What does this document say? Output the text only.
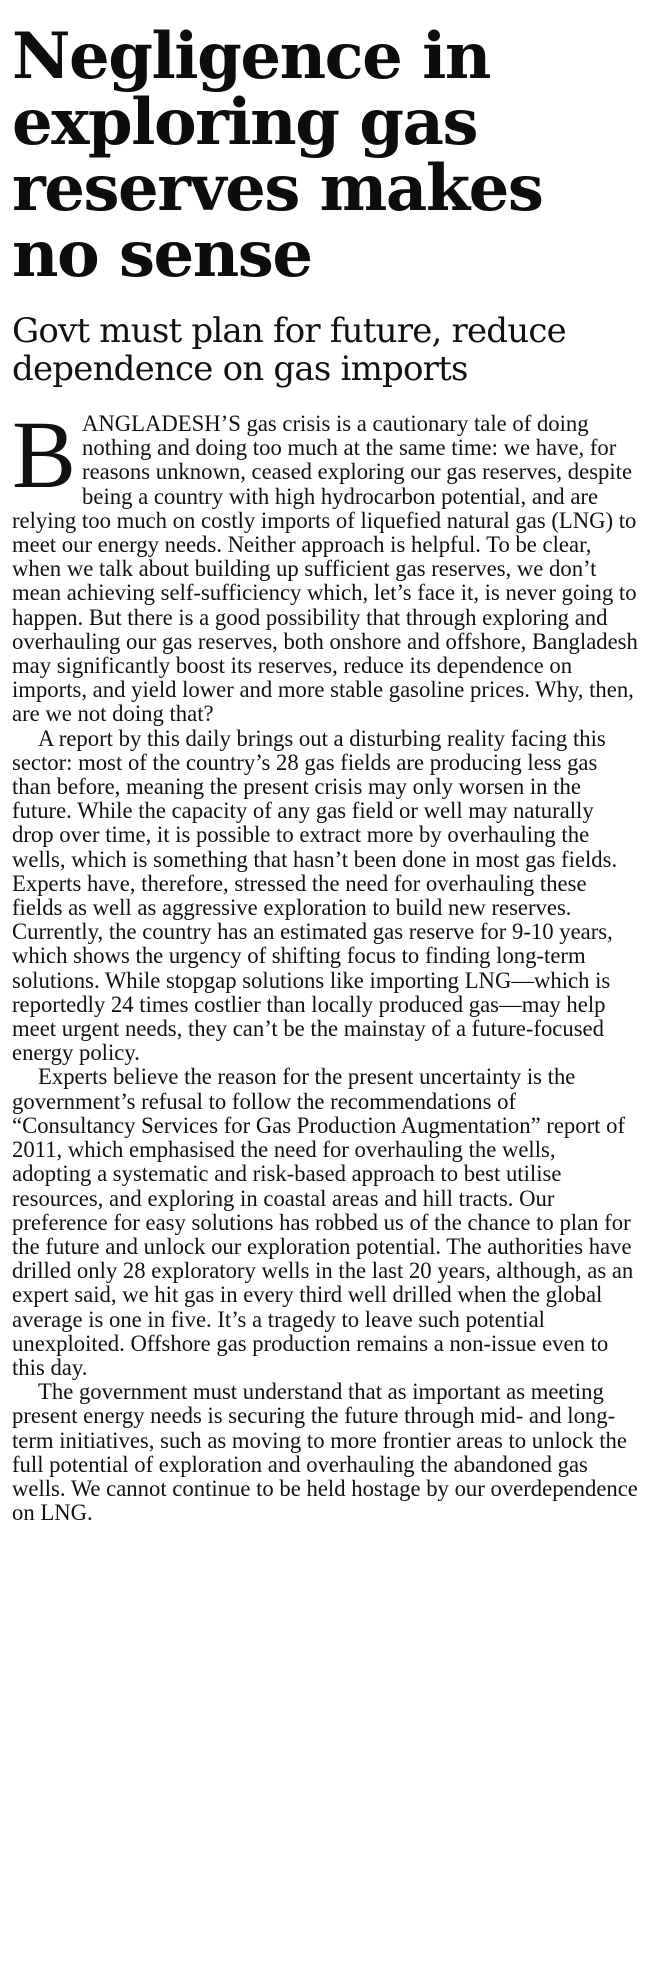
Negligence in exploring gas reserves makes no sense
Govt must plan for future, reduce dependence on gas imports

BANGLADESH’S gas crisis is a cautionary tale of doing nothing and doing too much at the same time: we have, for reasons unknown, ceased exploring our gas reserves, despite being a country with high hydrocarbon potential, and are relying too much on costly imports of liquefied natural gas (LNG) to meet our energy needs. Neither approach is helpful. To be clear, when we talk about building up sufficient gas reserves, we don’t mean achieving self-sufficiency which, let’s face it, is never going to happen. But there is a good possibility that through exploring and overhauling our gas reserves, both onshore and offshore, Bangladesh may significantly boost its reserves, reduce its dependence on imports, and yield lower and more stable gasoline prices. Why, then, are we not doing that?

A report by this daily brings out a disturbing reality facing this sector: most of the country’s 28 gas fields are producing less gas than before, meaning the present crisis may only worsen in the future. While the capacity of any gas field or well may naturally drop over time, it is possible to extract more by overhauling the wells, which is something that hasn’t been done in most gas fields. Experts have, therefore, stressed the need for overhauling these fields as well as aggressive exploration to build new reserves. Currently, the country has an estimated gas reserve for 9-10 years, which shows the urgency of shifting focus to finding long-term solutions. While stopgap solutions like importing LNG—which is reportedly 24 times costlier than locally produced gas—may help meet urgent needs, they can’t be the mainstay of a future-focused energy policy.

Experts believe the reason for the present uncertainty is the government’s refusal to follow the recommendations of “Consultancy Services for Gas Production Augmentation” report of 2011, which emphasised the need for overhauling the wells, adopting a systematic and risk-based approach to best utilise resources, and exploring in coastal areas and hill tracts. Our preference for easy solutions has robbed us of the chance to plan for the future and unlock our exploration potential. The authorities have drilled only 28 exploratory wells in the last 20 years, although, as an expert said, we hit gas in every third well drilled when the global average is one in five. It’s a tragedy to leave such potential unexploited. Offshore gas production remains a non-issue even to this day.

The government must understand that as important as meeting present energy needs is securing the future through mid- and long-term initiatives, such as moving to more frontier areas to unlock the full potential of exploration and overhauling the abandoned gas wells. We cannot continue to be held hostage by our overdependence on LNG.
